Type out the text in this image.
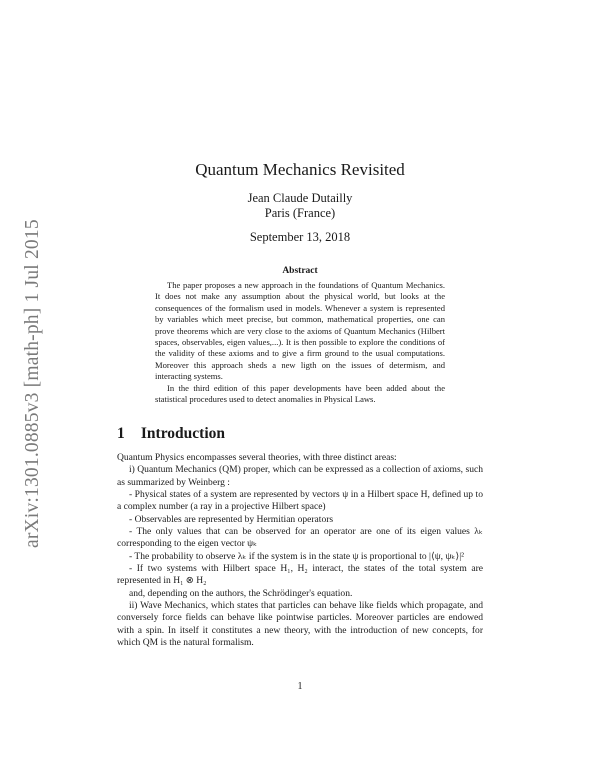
arXiv:1301.0885v3 [math-ph] 1 Jul 2015
Quantum Mechanics Revisited
Jean Claude Dutailly
Paris (France)
September 13, 2018
Abstract

The paper proposes a new approach in the foundations of Quantum Mechanics. It does not make any assumption about the physical world, but looks at the consequences of the formalism used in models. Whenever a system is represented by variables which meet precise, but common, mathematical properties, one can prove theorems which are very close to the axioms of Quantum Mechanics (Hilbert spaces, observables, eigen values,...). It is then possible to explore the conditions of the validity of these axioms and to give a firm ground to the usual computations. Moreover this approach sheds a new ligth on the issues of determism, and interacting systems.

In the third edition of this paper developments have been added about the statistical procedures used to detect anomalies in Physical Laws.

1 Introduction

Quantum Physics encompasses several theories, with three distinct areas:

i) Quantum Mechanics (QM) proper, which can be expressed as a collection of axioms, such as summarized by Weinberg :

- Physical states of a system are represented by vectors ψ in a Hilbert space H, defined up to a complex number (a ray in a projective Hilbert space)

- Observables are represented by Hermitian operators

- The only values that can be observed for an operator are one of its eigen values λₖ corresponding to the eigen vector ψₖ

- The probability to observe λₖ if the system is in the state ψ is proportional to |⟨ψ, ψₖ⟩|²

- If two systems with Hilbert space H₁, H₂ interact, the states of the total system are represented in H₁ ⊗ H₂

and, depending on the authors, the Schrödinger's equation.

ii) Wave Mechanics, which states that particles can behave like fields which propagate, and conversely force fields can behave like pointwise particles. Moreover particles are endowed with a spin. In itself it constitutes a new theory, with the introduction of new concepts, for which QM is the natural formalism.

1
